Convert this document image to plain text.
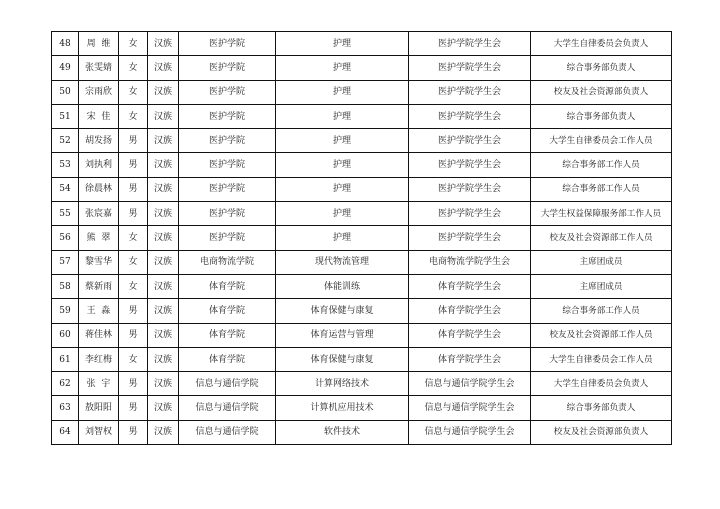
48	周  维	女	汉族	医护学院	护理	医护学院学生会	大学生自律委员会负责人
49	张雯婧	女	汉族	医护学院	护理	医护学院学生会	综合事务部负责人
50	宗雨欣	女	汉族	医护学院	护理	医护学院学生会	校友及社会资源部负责人
51	宋  佳	女	汉族	医护学院	护理	医护学院学生会	综合事务部负责人
52	胡发扬	男	汉族	医护学院	护理	医护学院学生会	大学生自律委员会工作人员
53	刘执利	男	汉族	医护学院	护理	医护学院学生会	综合事务部工作人员
54	徐晨林	男	汉族	医护学院	护理	医护学院学生会	综合事务部工作人员
55	张宸嘉	男	汉族	医护学院	护理	医护学院学生会	大学生权益保障服务部工作人员
56	熊  翠	女	汉族	医护学院	护理	医护学院学生会	校友及社会资源部工作人员
57	黎雪华	女	汉族	电商物流学院	现代物流管理	电商物流学院学生会	主席团成员
58	蔡新雨	女	汉族	体育学院	体能训练	体育学院学生会	主席团成员
59	王  淼	男	汉族	体育学院	体育保健与康复	体育学院学生会	综合事务部工作人员
60	蒋佳林	男	汉族	体育学院	体育运营与管理	体育学院学生会	校友及社会资源部工作人员
61	李红梅	女	汉族	体育学院	体育保健与康复	体育学院学生会	大学生自律委员会工作人员
62	张  宇	男	汉族	信息与通信学院	计算网络技术	信息与通信学院学生会	大学生自律委员会负责人
63	敖阳阳	男	汉族	信息与通信学院	计算机应用技术	信息与通信学院学生会	综合事务部负责人
64	刘智权	男	汉族	信息与通信学院	软件技术	信息与通信学院学生会	校友及社会资源部负责人
